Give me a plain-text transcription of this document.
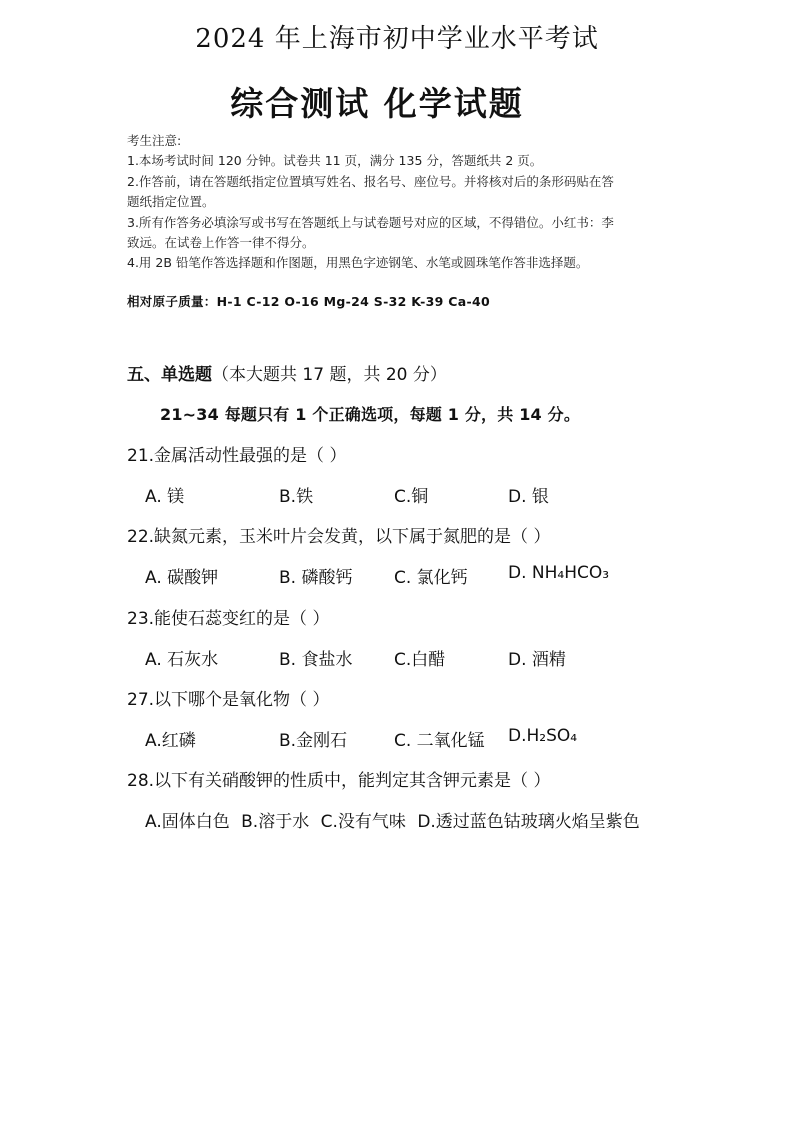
2024 年上海市初中学业水平考试
综合测试 化学试题
考生注意:
1.本场考试时间 120 分钟。试卷共 11 页，满分 135 分，答题纸共 2 页。
2.作答前，请在答题纸指定位置填写姓名、报名号、座位号。并将核对后的条形码贴在答
题纸指定位置。
3.所有作答务必填涂写或书写在答题纸上与试卷题号对应的区域，不得错位。小红书：李
致远。在试卷上作答一律不得分。
4.用 2B 铅笔作答选择题和作图题，用黑色字迹钢笔、水笔或圆珠笔作答非选择题。
相对原子质量：H-1 C-12 O-16 Mg-24 S-32 K-39 Ca-40
五、单选题（本大题共 17 题，共 20 分）
21~34 每题只有 1 个正确选项，每题 1 分，共 14 分。
21.金属活动性最强的是（ ）
A. 镁	B.铁	C.铜	D. 银
22.缺氮元素，玉米叶片会发黄，以下属于氮肥的是（ ）
A. 碳酸钾	B. 磷酸钙 C. 氯化钙 D. NH₄HCO₃
23.能使石蕊变红的是（ ）
A. 石灰水	B. 食盐水 C.白醋	D. 酒精
27.以下哪个是氧化物（ ）
A.红磷	B.金刚石	C. 二氧化锰 D.H₂SO₄
28.以下有关硝酸钾的性质中，能判定其含钾元素是（ ）
A.固体白色 B.溶于水 C.没有气味 D.透过蓝色钴玻璃火焰呈紫色
